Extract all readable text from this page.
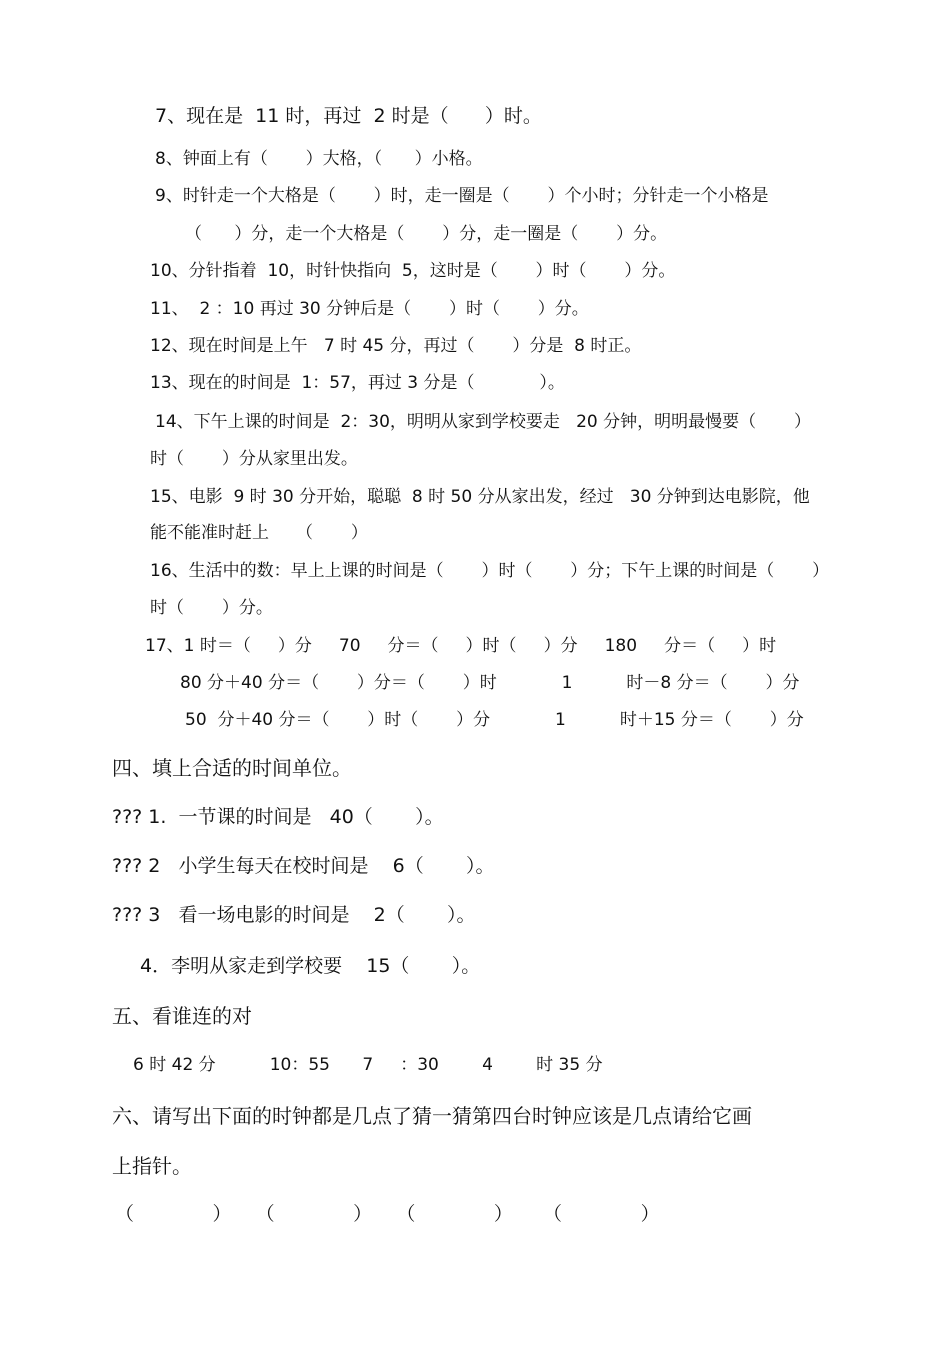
7、现在是  11 时，再过  2 时是（      ）时。
8、钟面上有（       ）大格，（      ）小格。
9、时针走一个大格是（       ）时，走一圈是（       ）个小时；分针走一个小格是
（      ）分，走一个大格是（       ）分，走一圈是（       ）分。
10、分针指着  10，时针快指向  5，这时是（       ）时（       ）分。
11、  2 ：10 再过 30 分钟后是（       ）时（       ）分。
12、现在时间是上午   7 时 45 分，再过（       ）分是  8 时正。
13、现在的时间是  1：57，再过 3 分是（            ）。
14、下午上课的时间是  2：30，明明从家到学校要走   20 分钟，明明最慢要（       ）
时（       ）分从家里出发。
15、电影  9 时 30 分开始，聪聪  8 时 50 分从家出发，经过   30 分钟到达电影院，他
能不能准时赶上     （       ）
16、生活中的数：早上上课的时间是（       ）时（       ）分；下午上课的时间是（       ）
时（       ）分。
17、1 时＝（     ）分     70     分＝（     ）时（     ）分     180     分＝（     ）时
80 分＋40 分＝（       ）分＝（       ）时            1          时－8 分＝（       ）分
50  分＋40 分＝（       ）时（       ）分            1          时＋15 分＝（       ）分
四、填上合适的时间单位。
??? 1.  一节课的时间是   40（       ）。
??? 2   小学生每天在校时间是    6（       ）。
??? 3   看一场电影的时间是    2（       ）。
4．李明从家走到学校要    15（       ）。
五、看谁连的对
6 时 42 分          10：55      7     ：30        4        时 35 分
六、请写出下面的时钟都是几点了猜一猜第四台时钟应该是几点请给它画
上指针。
（             ）    （             ）    （             ）     （             ）
